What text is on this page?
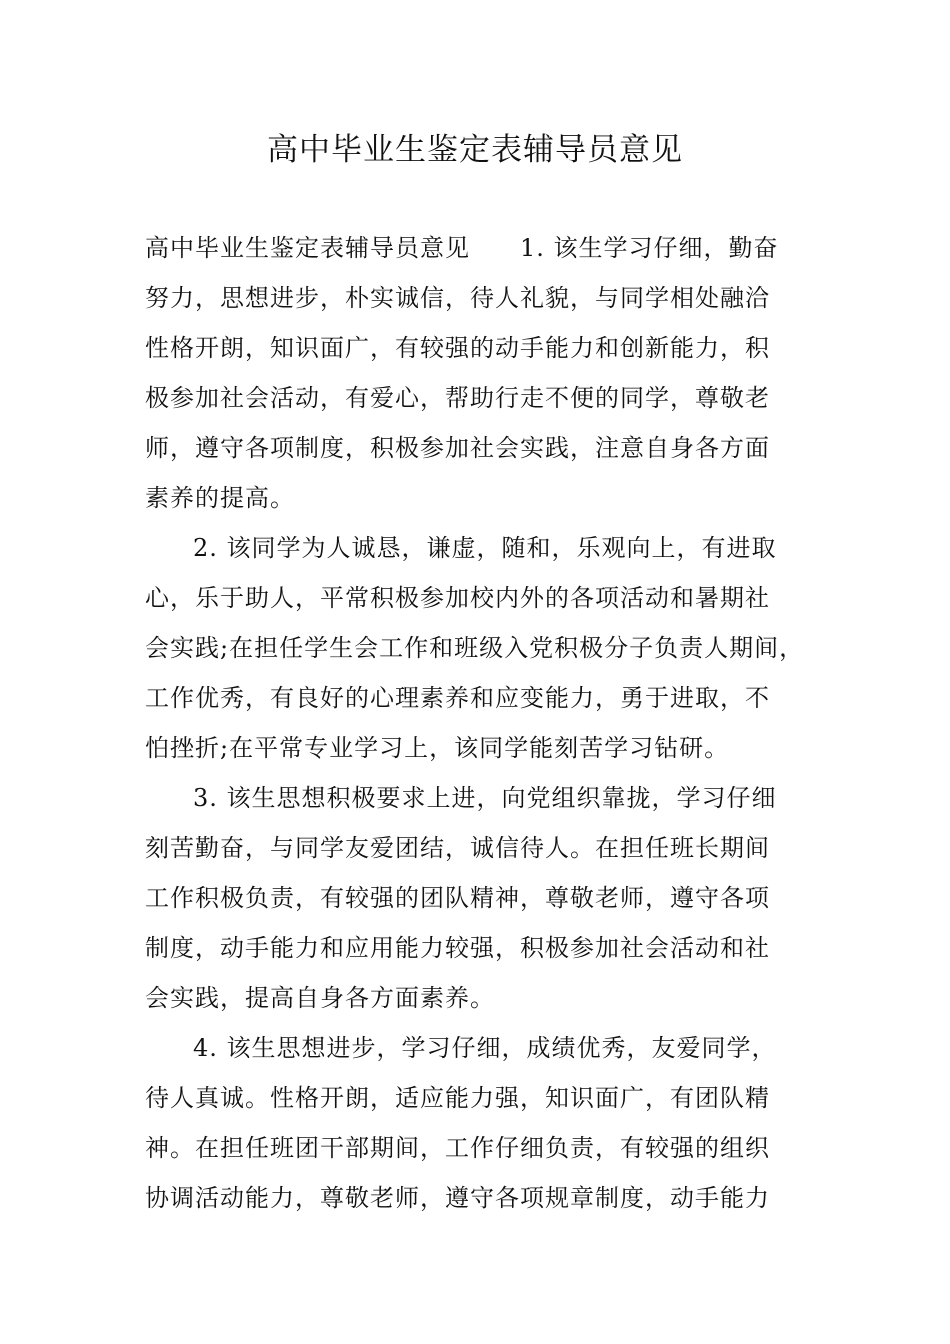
高中毕业生鉴定表辅导员意见
高中毕业生鉴定表辅导员意见　　1. 该生学习仔细，勤奋
努力，思想进步，朴实诚信，待人礼貌，与同学相处融洽
性格开朗，知识面广，有较强的动手能力和创新能力，积
极参加社会活动，有爱心，帮助行走不便的同学，尊敬老
师，遵守各项制度，积极参加社会实践，注意自身各方面
素养的提高。
2. 该同学为人诚恳，谦虚，随和，乐观向上，有进取
心，乐于助人，平常积极参加校内外的各项活动和暑期社
会实践;在担任学生会工作和班级入党积极分子负责人期间，
工作优秀，有良好的心理素养和应变能力，勇于进取，不
怕挫折;在平常专业学习上，该同学能刻苦学习钻研。
3. 该生思想积极要求上进，向党组织靠拢，学习仔细
刻苦勤奋，与同学友爱团结，诚信待人。在担任班长期间
工作积极负责，有较强的团队精神，尊敬老师，遵守各项
制度，动手能力和应用能力较强，积极参加社会活动和社
会实践，提高自身各方面素养。
4. 该生思想进步，学习仔细，成绩优秀，友爱同学，
待人真诚。性格开朗，适应能力强，知识面广，有团队精
神。在担任班团干部期间，工作仔细负责，有较强的组织
协调活动能力，尊敬老师，遵守各项规章制度，动手能力
